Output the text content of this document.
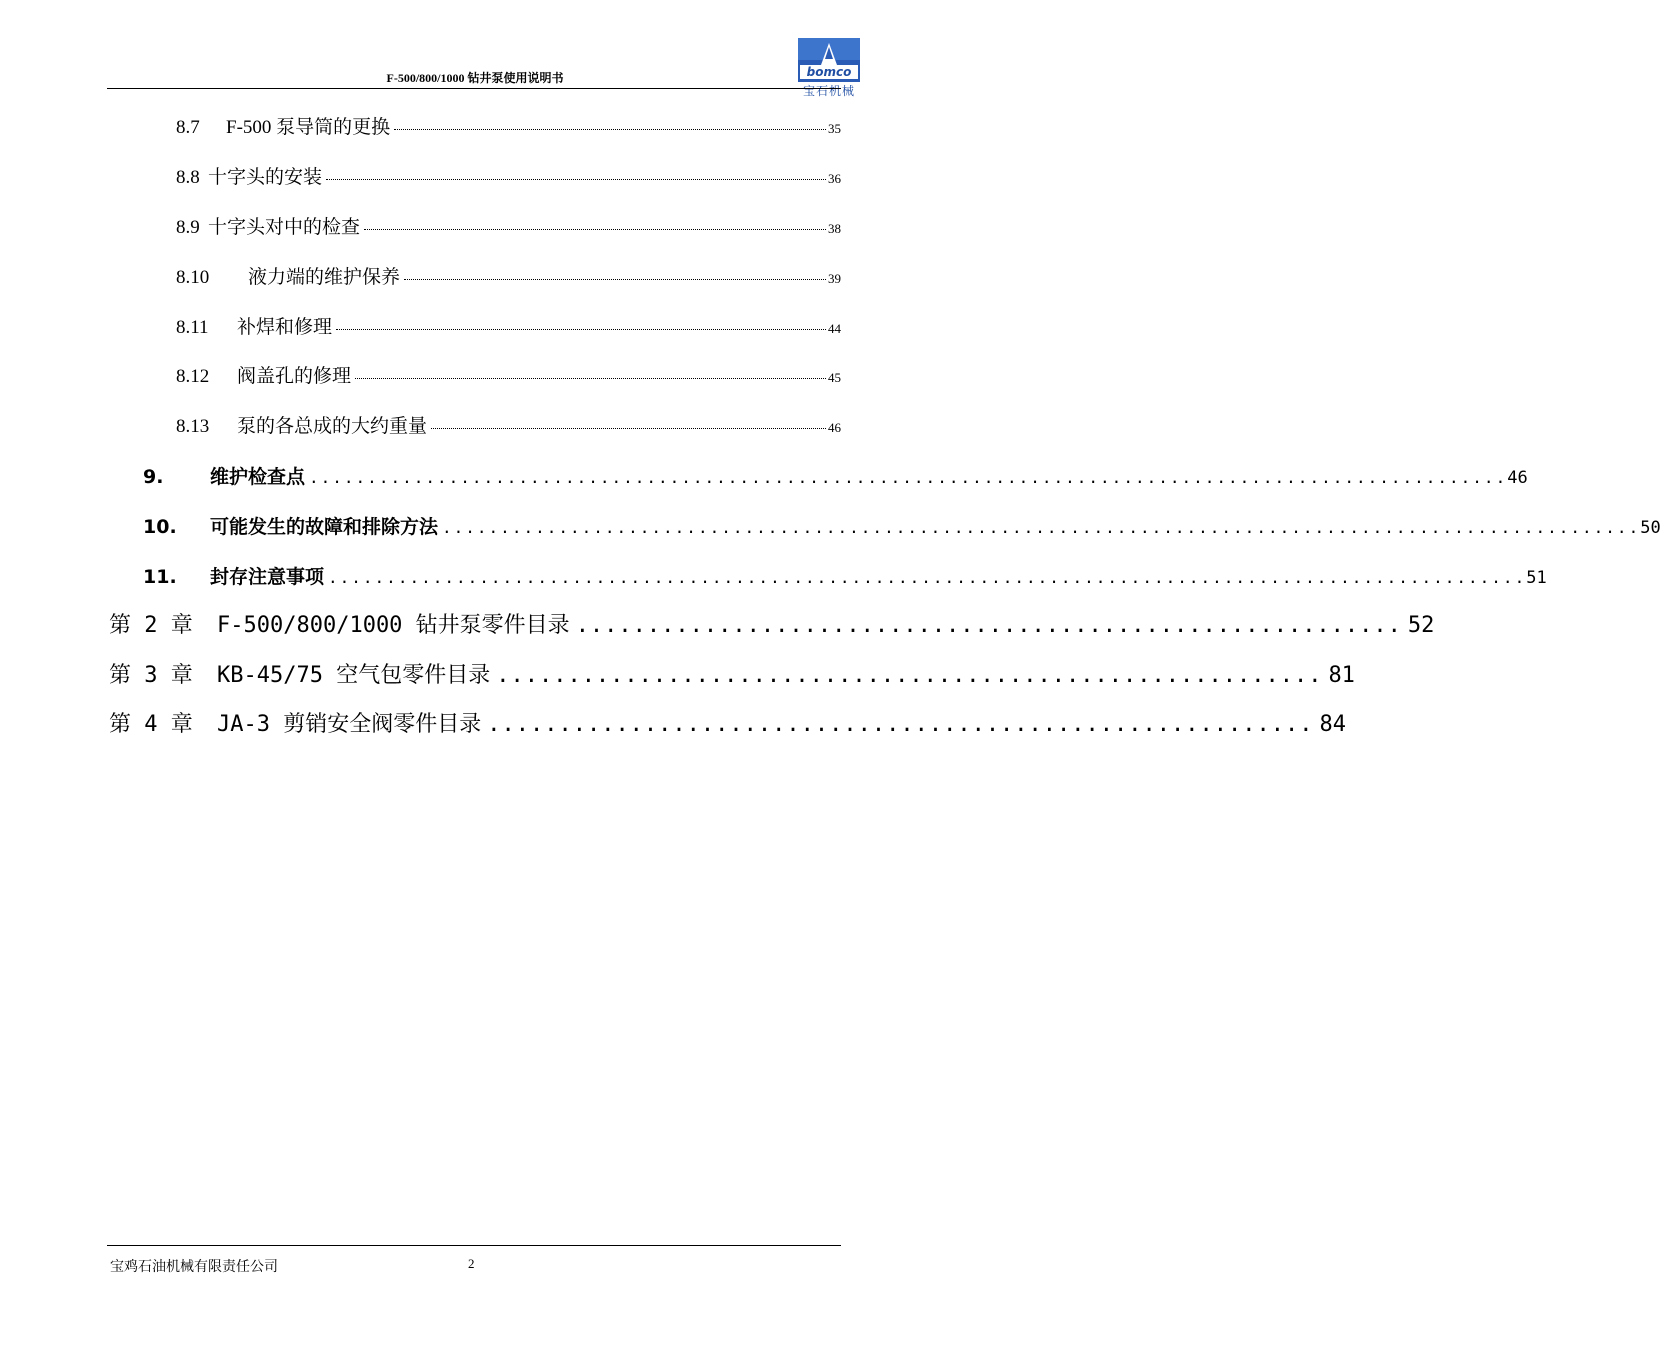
F-500/800/1000 钻井泵使用说明书	bomco
宝石机械
8.7	F-500 泵导筒的更换	35
8.8 十字头的安装	36
8.9 十字头对中的检查	38
8.10	液力端的维护保养	39
8.11	补焊和修理	44
8.12	阀盖孔的修理	45
8.13	泵的各总成的大约重量	46
9.	维护检查点 ....................................................................................................... 46
10.	可能发生的故障和排除方法 ....................................................................................................... 50
11.	封存注意事项 ....................................................................................................... 51
第 2 章	F-500/800/1000 钻井泵零件目录 .......................................................... 52
第 3 章	KB-45/75 空气包零件目录 .......................................................... 81
第 4 章	JA-3 剪销安全阀零件目录 .......................................................... 84
宝鸡石油机械有限责任公司	2
